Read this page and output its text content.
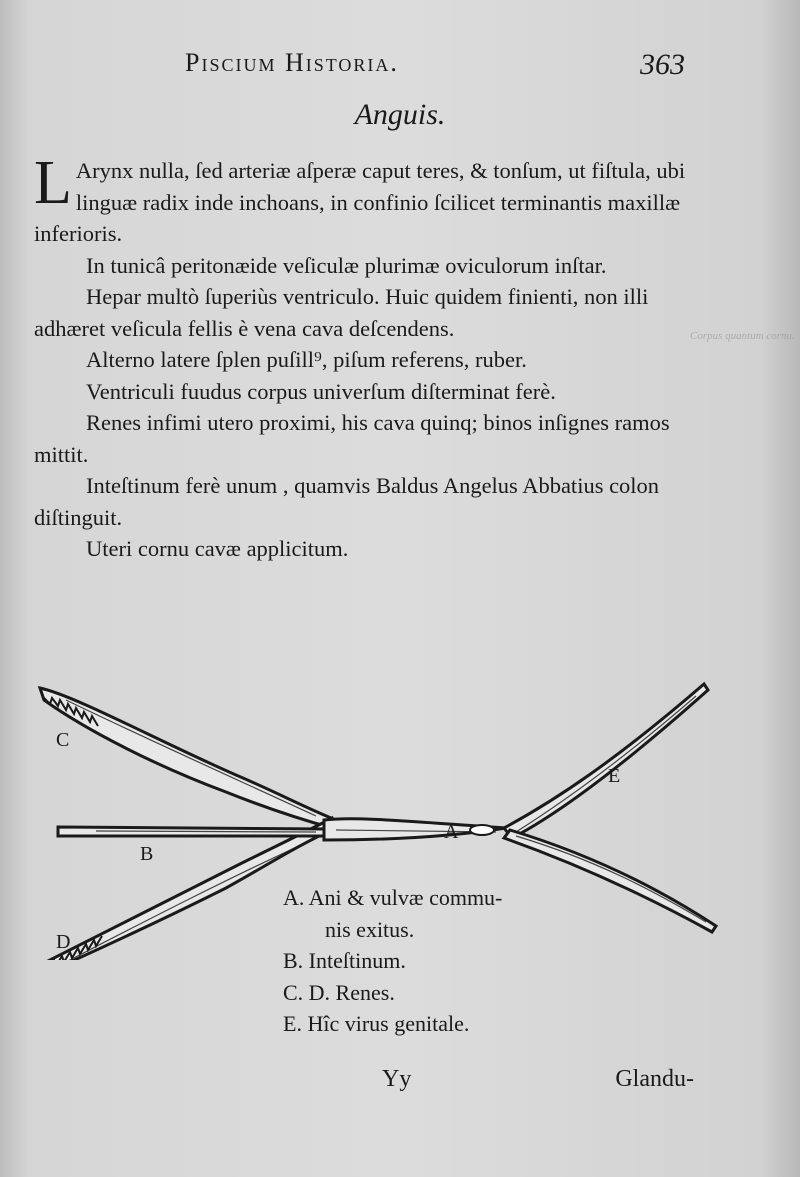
Corpus quantum cornu.
Piscium Historia.	363
Anguis.

L Arynx nulla, ſed arteriæ aſperæ caput teres, & tonſum, ut fiſtula, ubi linguæ radix inde inchoans, in confinio ſcilicet terminantis maxillæ inferioris.

In tunicâ peritonæide veſiculæ plurimæ oviculorum inſtar.

Hepar multò ſuperiùs ventriculo. Huic quidem finienti, non illi adhæret veſicula fellis è vena cava deſcendens.

Alterno latere ſplen puſill⁹, piſum referens, ruber.

Ventriculi fuudus corpus univerſum diſterminat ferè.

Renes infimi utero proximi, his cava quinq; binos inſignes ramos mittit.

Inteſtinum ferè unum , quamvis Baldus Angelus Abbatius colon diſtinguit.

Uteri cornu cavæ applicitum.

A
B
C
D
E

A. Ani & vulvæ commu-

nis exitus.

B. Inteſtinum.

C. D. Renes.

E. Hîc virus genitale.

Yy	Glandu-
